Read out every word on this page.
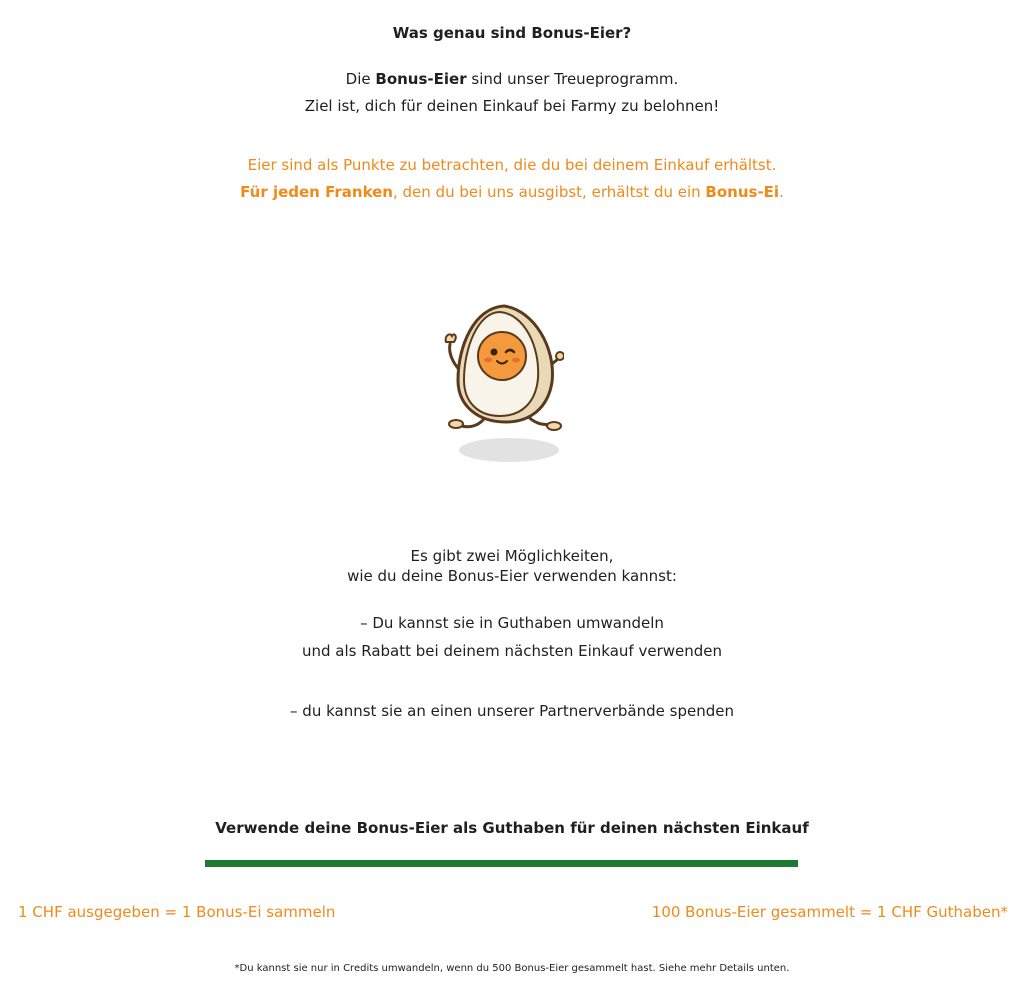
Was genau sind Bonus-Eier?
Die Bonus-Eier sind unser Treueprogramm.
Ziel ist, dich für deinen Einkauf bei Farmy zu belohnen!
Eier sind als Punkte zu betrachten, die du bei deinem Einkauf erhältst.
Für jeden Franken, den du bei uns ausgibst, erhältst du ein Bonus-Ei.
Es gibt zwei Möglichkeiten,
wie du deine Bonus-Eier verwenden kannst:
– Du kannst sie in Guthaben umwandeln
und als Rabatt bei deinem nächsten Einkauf verwenden
– du kannst sie an einen unserer Partnerverbände spenden
Verwende deine Bonus-Eier als Guthaben für deinen nächsten Einkauf
1 CHF ausgegeben = 1 Bonus-Ei sammeln	100 Bonus-Eier gesammelt = 1 CHF Guthaben*
*Du kannst sie nur in Credits umwandeln, wenn du 500 Bonus-Eier gesammelt hast. Siehe mehr Details unten.
